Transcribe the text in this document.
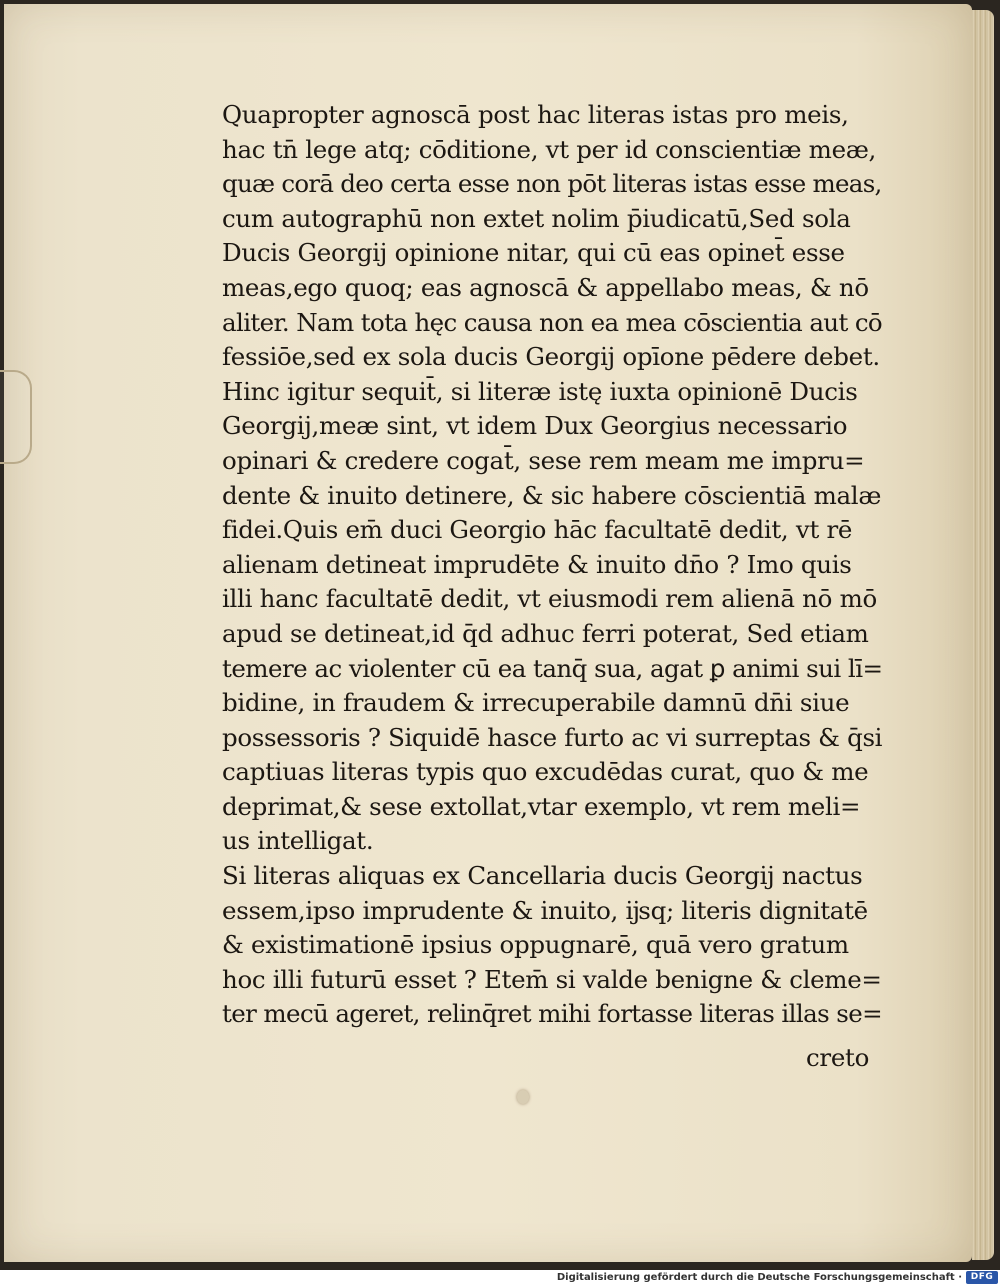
Quapropter agnoscā post hac literas istas pro meis,
hac tn̄ lege atq; cōditione, vt per id conscientiæ meæ,
quæ corā deo certa esse non pōt literas istas esse meas,
cum autographū non extet nolim p̄iudicatū,Sed sola
Ducis Georgij opinione nitar, qui cū eas opinet̄ esse
meas,ego quoq; eas agnoscā & appellabo meas, & nō
aliter. Nam tota hęc causa non ea mea cōscientia aut cō
fessiōe,sed ex sola ducis Georgij opīone pēdere debet.
Hinc igitur sequit̄, si literæ istę iuxta opinionē Ducis
Georgij,meæ sint, vt idem Dux Georgius necessario
opinari & credere cogat̄, sese rem meam me impru=
dente & inuito detinere, & sic habere cōscientiā malæ
fidei.Quis em̄ duci Georgio hāc facultatē dedit, vt rē
alienam detineat imprudēte & inuito dn̄o ? Imo quis
illi hanc facultatē dedit, vt eiusmodi rem alienā nō mō
apud se detineat,id q̄d adhuc ferri poterat, Sed etiam
temere ac violenter cū ea tanq̄ sua, agat ꝑ animi sui lī=
bidine, in fraudem & irrecuperabile damnū dn̄i siue
possessoris ? Siquidē hasce furto ac vi surreptas & q̄si
captiuas literas typis quo excudēdas curat, quo & me
deprimat,& sese extollat,vtar exemplo, vt rem meli=
us intelligat.
Si literas aliquas ex Cancellaria ducis Georgij nactus
essem,ipso imprudente & inuito, ĳsq; literis dignitatē
& existimationē ipsius oppugnarē, quā vero gratum
hoc illi futurū esset ? Etem̄ si valde benigne & cleme=
ter mecū ageret, relinq̄ret mihi fortasse literas illas se=
creto
Digitalisierung gefördert durch die Deutsche Forschungsgemeinschaft · DFG
